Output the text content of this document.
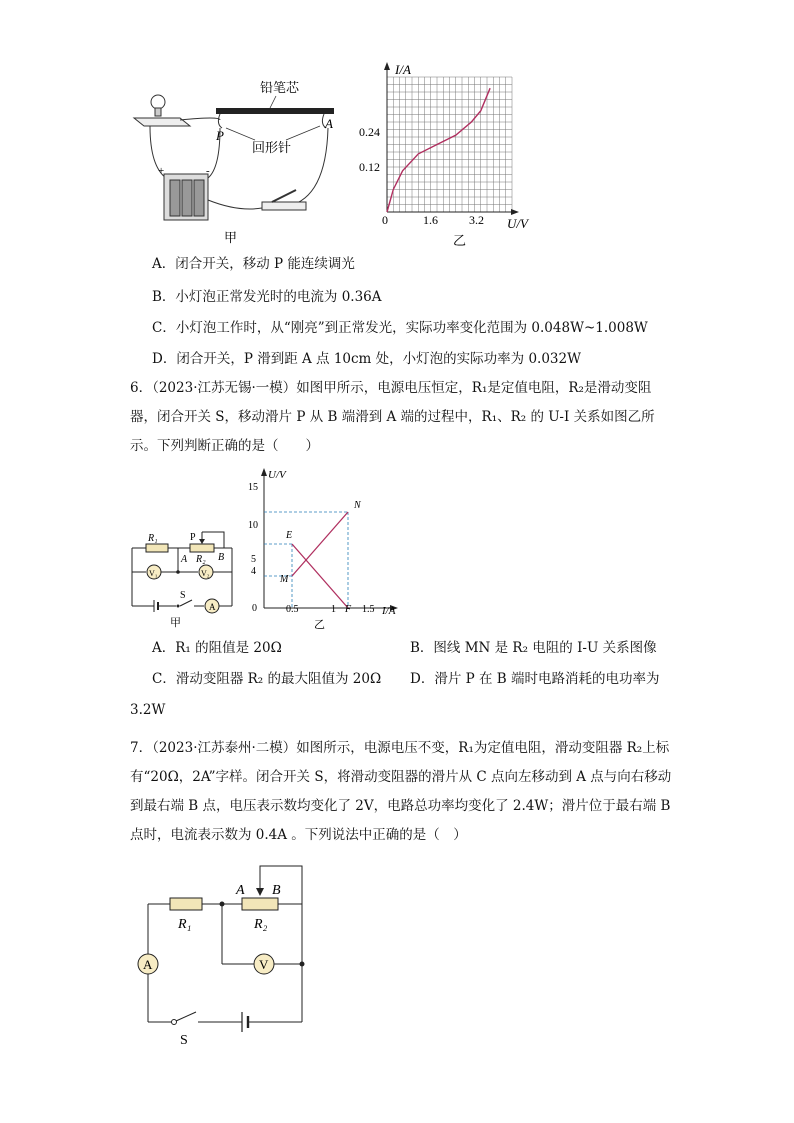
铅笔芯
P
A
回形针
+	-
甲
I/A
U/V
0.24
0.12
0	1.6	3.2
乙
A．闭合开关，移动 P 能连续调光
B．小灯泡正常发光时的电流为 0.36A
C．小灯泡工作时，从“刚亮”到正常发光，实际功率变化范围为 0.048W~1.008W
D．闭合开关，P 滑到距 A 点 10cm 处，小灯泡的实际功率为 0.032W
6．（2023·江苏无锡·一模）如图甲所示，电源电压恒定，R₁是定值电阻，R₂是滑动变阻器，闭合开关 S，移动滑片 P 从 B 端滑到 A 端的过程中，R₁、R₂ 的 U-I 关系如图乙所示。下列判断正确的是（　　）
R₁	P
R₂
A	B
V₁	V₂
S
A
甲
U/V
I/A
15
10
5
4
0	0.5	1	1.5
E
M
N
F
乙
A．R₁ 的阻值是 20Ω	B．图线 MN 是 R₂ 电阻的 I-U 关系图像
C．滑动变阻器 R₂ 的最大阻值为 20Ω D．滑片 P 在 B 端时电路消耗的电功率为
3.2W
7．（2023·江苏泰州·二模）如图所示，电源电压不变，R₁为定值电阻，滑动变阻器 R₂上标有“20Ω，2A”字样。闭合开关 S，将滑动变阻器的滑片从 C 点向左移动到 A 点与向右移动到最右端 B 点，电压表示数均变化了 2V，电路总功率均变化了 2.4W；滑片位于最右端 B 点时，电流表示数为 0.4A 。下列说法中正确的是（　）
A B
R₁	R₂
V
A
S
